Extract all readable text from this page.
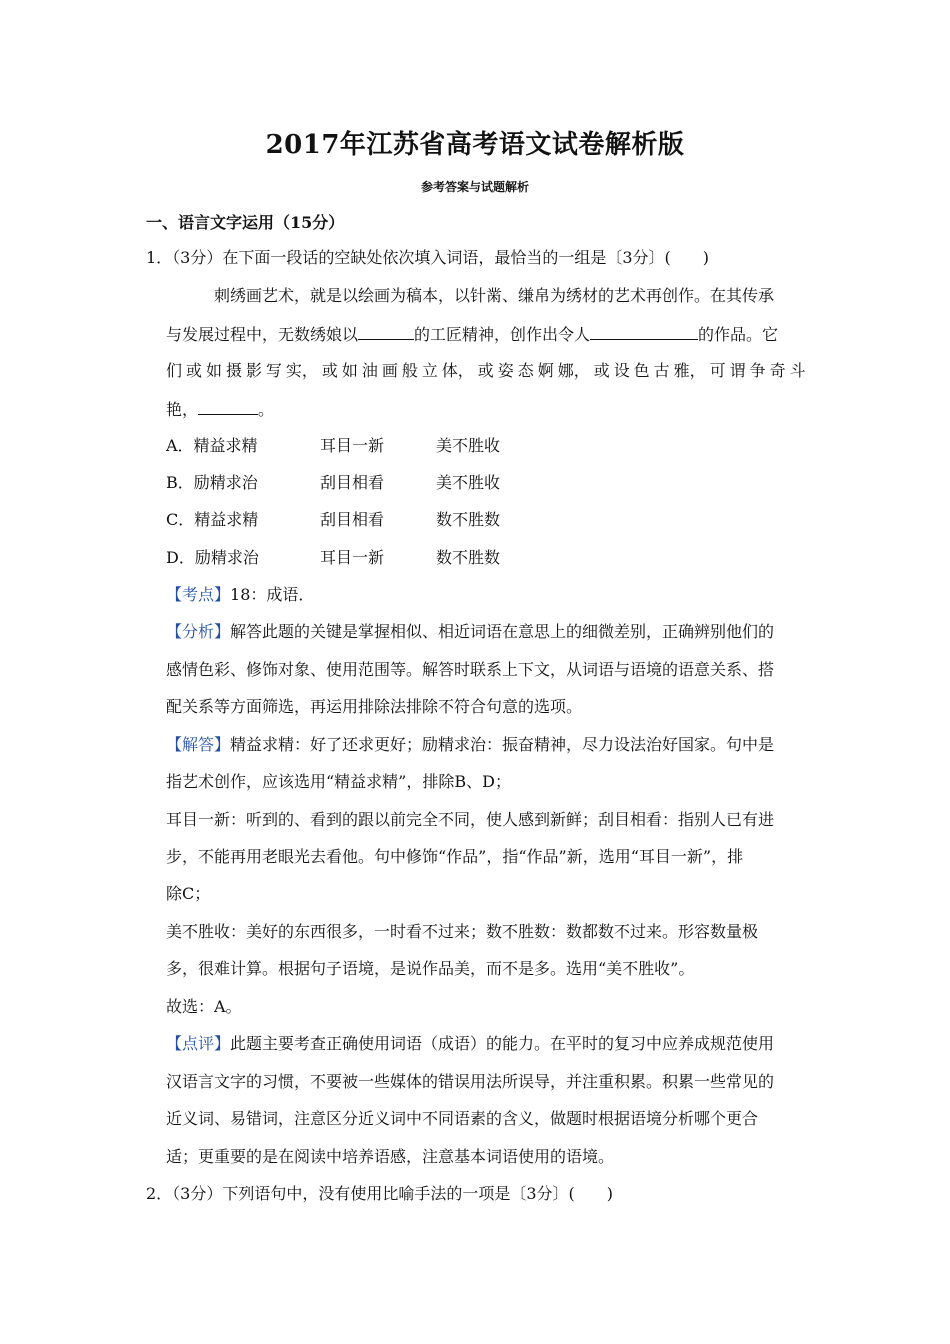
2017年江苏省高考语文试卷解析版
参考答案与试题解析
一、语言文字运用（15分）
1．（3分）在下面一段话的空缺处依次填入词语，最恰当的一组是〔3分〕(　　)
刺绣画艺术，就是以绘画为稿本，以针黹、缣帛为绣材的艺术再创作。在其传承
与发展过程中，无数绣娘以	的工匠精神，创作出令人	的作品。它
们 或 如 摄 影 写 实， 或 如 油 画 般 立 体， 或 姿 态 婀 娜， 或 设 色 古 雅， 可 谓 争 奇 斗
艳，	。
A．精益求精	耳目一新	美不胜收
B．励精求治	刮目相看	美不胜收
C．精益求精	刮目相看	数不胜数
D．励精求治	耳目一新	数不胜数
【考点】18：成语．
【分析】解答此题的关键是掌握相似、相近词语在意思上的细微差别，正确辨别他们的
感情色彩、修饰对象、使用范围等。解答时联系上下文，从词语与语境的语意关系、搭
配关系等方面筛选，再运用排除法排除不符合句意的选项。
【解答】精益求精：好了还求更好；励精求治：振奋精神，尽力设法治好国家。句中是
指艺术创作，应该选用“精益求精”，排除B、D；
耳目一新：听到的、看到的跟以前完全不同，使人感到新鲜；刮目相看：指别人已有进
步，不能再用老眼光去看他。句中修饰“作品”，指“作品”新，选用“耳目一新”，排
除C；
美不胜收：美好的东西很多，一时看不过来；数不胜数：数都数不过来。形容数量极
多，很难计算。根据句子语境，是说作品美，而不是多。选用“美不胜收”。
故选：A。
【点评】此题主要考查正确使用词语（成语）的能力。在平时的复习中应养成规范使用
汉语言文字的习惯，不要被一些媒体的错误用法所误导，并注重积累。积累一些常见的
近义词、易错词，注意区分近义词中不同语素的含义，做题时根据语境分析哪个更合
适；更重要的是在阅读中培养语感，注意基本词语使用的语境。
2．（3分）下列语句中，没有使用比喻手法的一项是〔3分〕(　　)
